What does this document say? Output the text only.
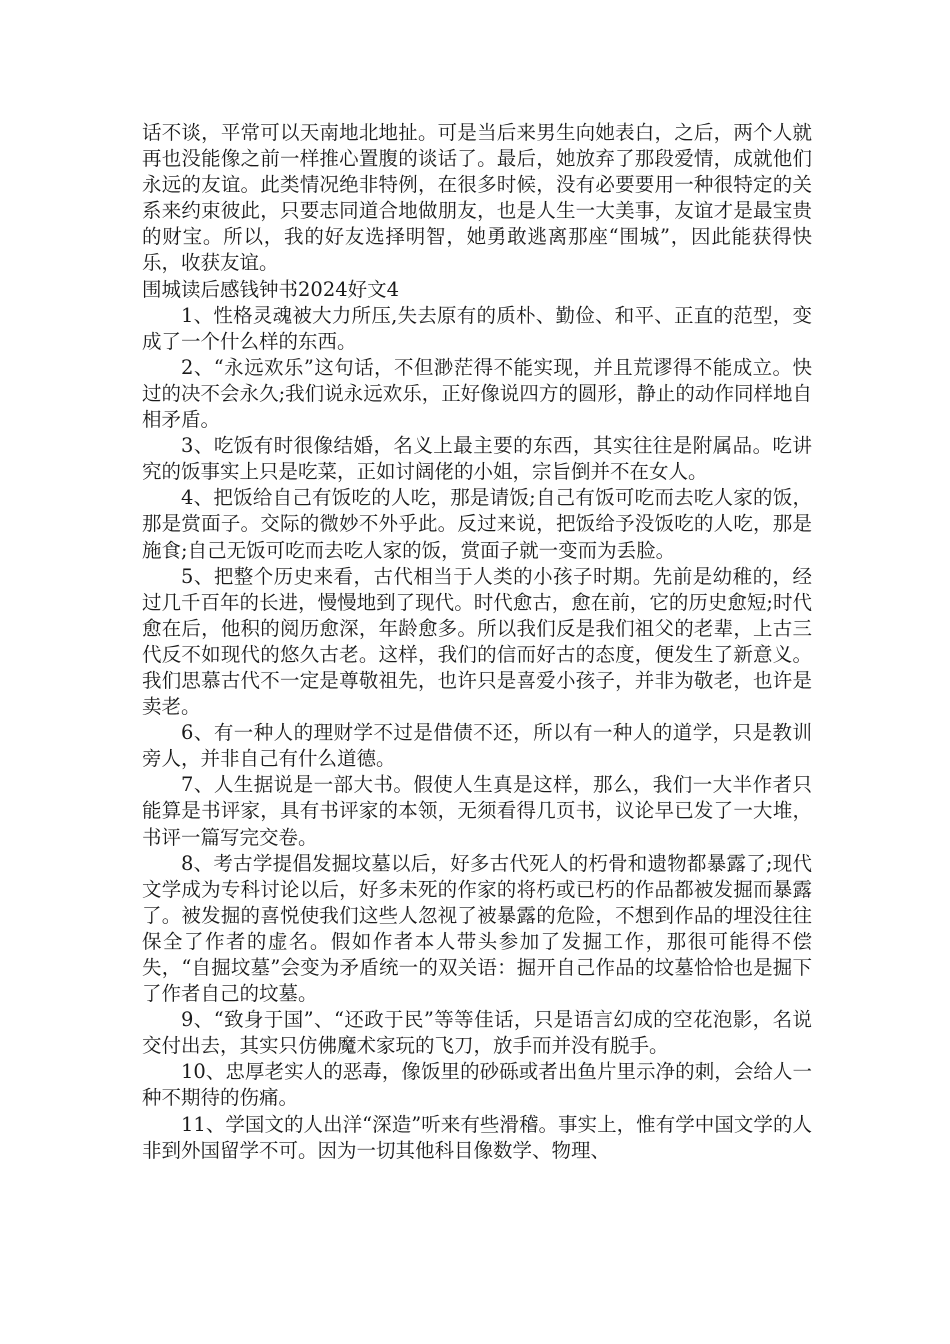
话不谈，平常可以天南地北地扯。可是当后来男生向她表白，之后，两个人就再也没能像之前一样推心置腹的谈话了。最后，她放弃了那段爱情，成就他们永远的友谊。此类情况绝非特例，在很多时候，没有必要要用一种很特定的关系来约束彼此，只要志同道合地做朋友，也是人生一大美事，友谊才是最宝贵的财宝。所以，我的好友选择明智，她勇敢逃离那座“围城”，因此能获得快乐，收获友谊。

围城读后感钱钟书2024好文4

1、性格灵魂被大力所压,失去原有的质朴、勤俭、和平、正直的范型，变成了一个什么样的东西。

2、“永远欢乐”这句话，不但渺茫得不能实现，并且荒谬得不能成立。快过的决不会永久;我们说永远欢乐，正好像说四方的圆形，静止的动作同样地自相矛盾。

3、吃饭有时很像结婚，名义上最主要的东西，其实往往是附属品。吃讲究的饭事实上只是吃菜，正如讨阔佬的小姐，宗旨倒并不在女人。

4、把饭给自己有饭吃的人吃，那是请饭;自己有饭可吃而去吃人家的饭，那是赏面子。交际的微妙不外乎此。反过来说，把饭给予没饭吃的人吃，那是施食;自己无饭可吃而去吃人家的饭，赏面子就一变而为丢脸。

5、把整个历史来看，古代相当于人类的小孩子时期。先前是幼稚的，经过几千百年的长进，慢慢地到了现代。时代愈古，愈在前，它的历史愈短;时代愈在后，他积的阅历愈深，年龄愈多。所以我们反是我们祖父的老辈，上古三代反不如现代的悠久古老。这样，我们的信而好古的态度，便发生了新意义。我们思慕古代不一定是尊敬祖先，也许只是喜爱小孩子，并非为敬老，也许是卖老。

6、有一种人的理财学不过是借债不还，所以有一种人的道学，只是教训旁人，并非自己有什么道德。

7、人生据说是一部大书。假使人生真是这样，那么，我们一大半作者只能算是书评家，具有书评家的本领，无须看得几页书，议论早已发了一大堆，书评一篇写完交卷。

8、考古学提倡发掘坟墓以后，好多古代死人的朽骨和遗物都暴露了;现代文学成为专科讨论以后，好多未死的作家的将朽或已朽的作品都被发掘而暴露了。被发掘的喜悦使我们这些人忽视了被暴露的危险，不想到作品的埋没往往保全了作者的虚名。假如作者本人带头参加了发掘工作，那很可能得不偿失，“自掘坟墓”会变为矛盾统一的双关语：掘开自己作品的坟墓恰恰也是掘下了作者自己的坟墓。

9、“致身于国”、“还政于民”等等佳话，只是语言幻成的空花泡影，名说交付出去，其实只仿佛魔术家玩的飞刀，放手而并没有脱手。

10、忠厚老实人的恶毒，像饭里的砂砾或者出鱼片里示净的刺，会给人一种不期待的伤痛。

11、学国文的人出洋“深造”听来有些滑稽。事实上，惟有学中国文学的人非到外国留学不可。因为一切其他科目像数学、物理、
